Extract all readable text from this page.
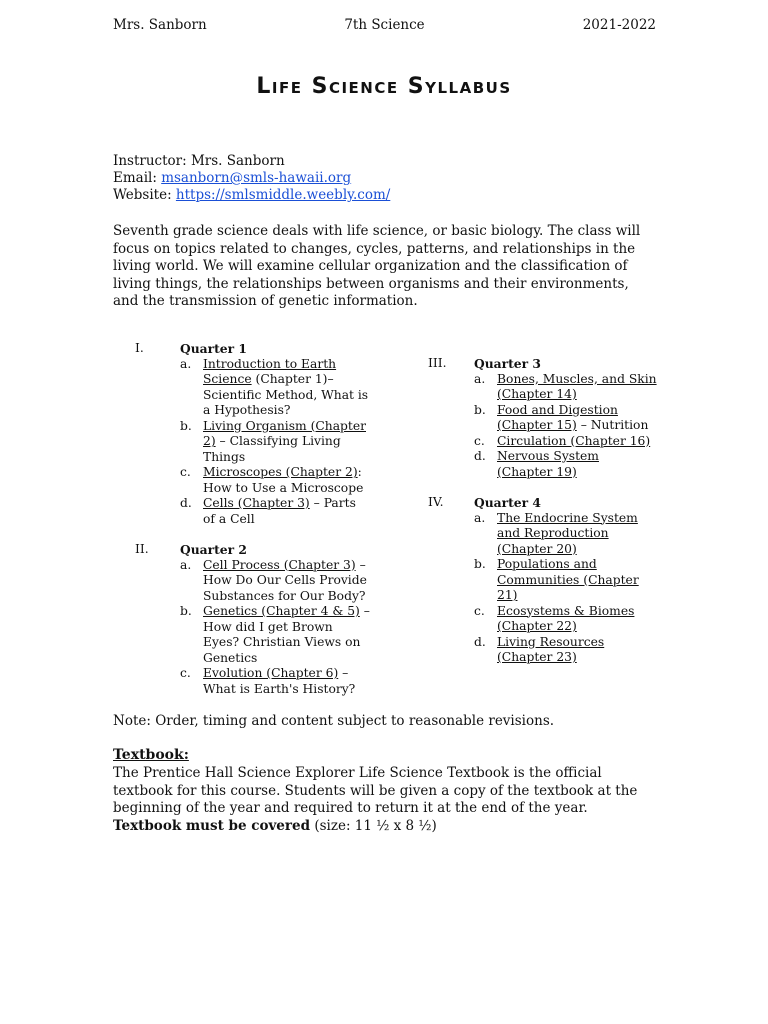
Mrs. Sanborn	7th Science	2021-2022
Life Science Syllabus
Instructor: Mrs. Sanborn
Email: msanborn@smls-hawaii.org
Website: https://smlsmiddle.weebly.com/
Seventh grade science deals with life science, or basic biology. The class will focus on topics related to changes, cycles, patterns, and relationships in the living world. We will examine cellular organization and the classification of living things, the relationships between organisms and their environments, and the transmission of genetic information.
I.	Quarter 1
a. Introduction to Earth Science (Chapter 1)– Scientific Method, What is a Hypothesis?
b. Living Organism (Chapter 2) – Classifying Living Things
c. Microscopes (Chapter 2): How to Use a Microscope
d. Cells (Chapter 3) – Parts of a Cell
II.	Quarter 2
a. Cell Process (Chapter 3) – How Do Our Cells Provide Substances for Our Body?
b. Genetics (Chapter 4 & 5) – How did I get Brown Eyes? Christian Views on Genetics
c. Evolution (Chapter 6) – What is Earth's History?
III.	Quarter 3
a. Bones, Muscles, and Skin (Chapter 14)
b. Food and Digestion (Chapter 15) – Nutrition
c. Circulation (Chapter 16)
d. Nervous System (Chapter 19)
IV.	Quarter 4
a. The Endocrine System and Reproduction (Chapter 20)
b. Populations and Communities (Chapter 21)
c. Ecosystems & Biomes (Chapter 22)
d. Living Resources (Chapter 23)
Note: Order, timing and content subject to reasonable revisions.
Textbook:
The Prentice Hall Science Explorer Life Science Textbook is the official textbook for this course. Students will be given a copy of the textbook at the beginning of the year and required to return it at the end of the year. Textbook must be covered (size: 11 ½ x 8 ½)
